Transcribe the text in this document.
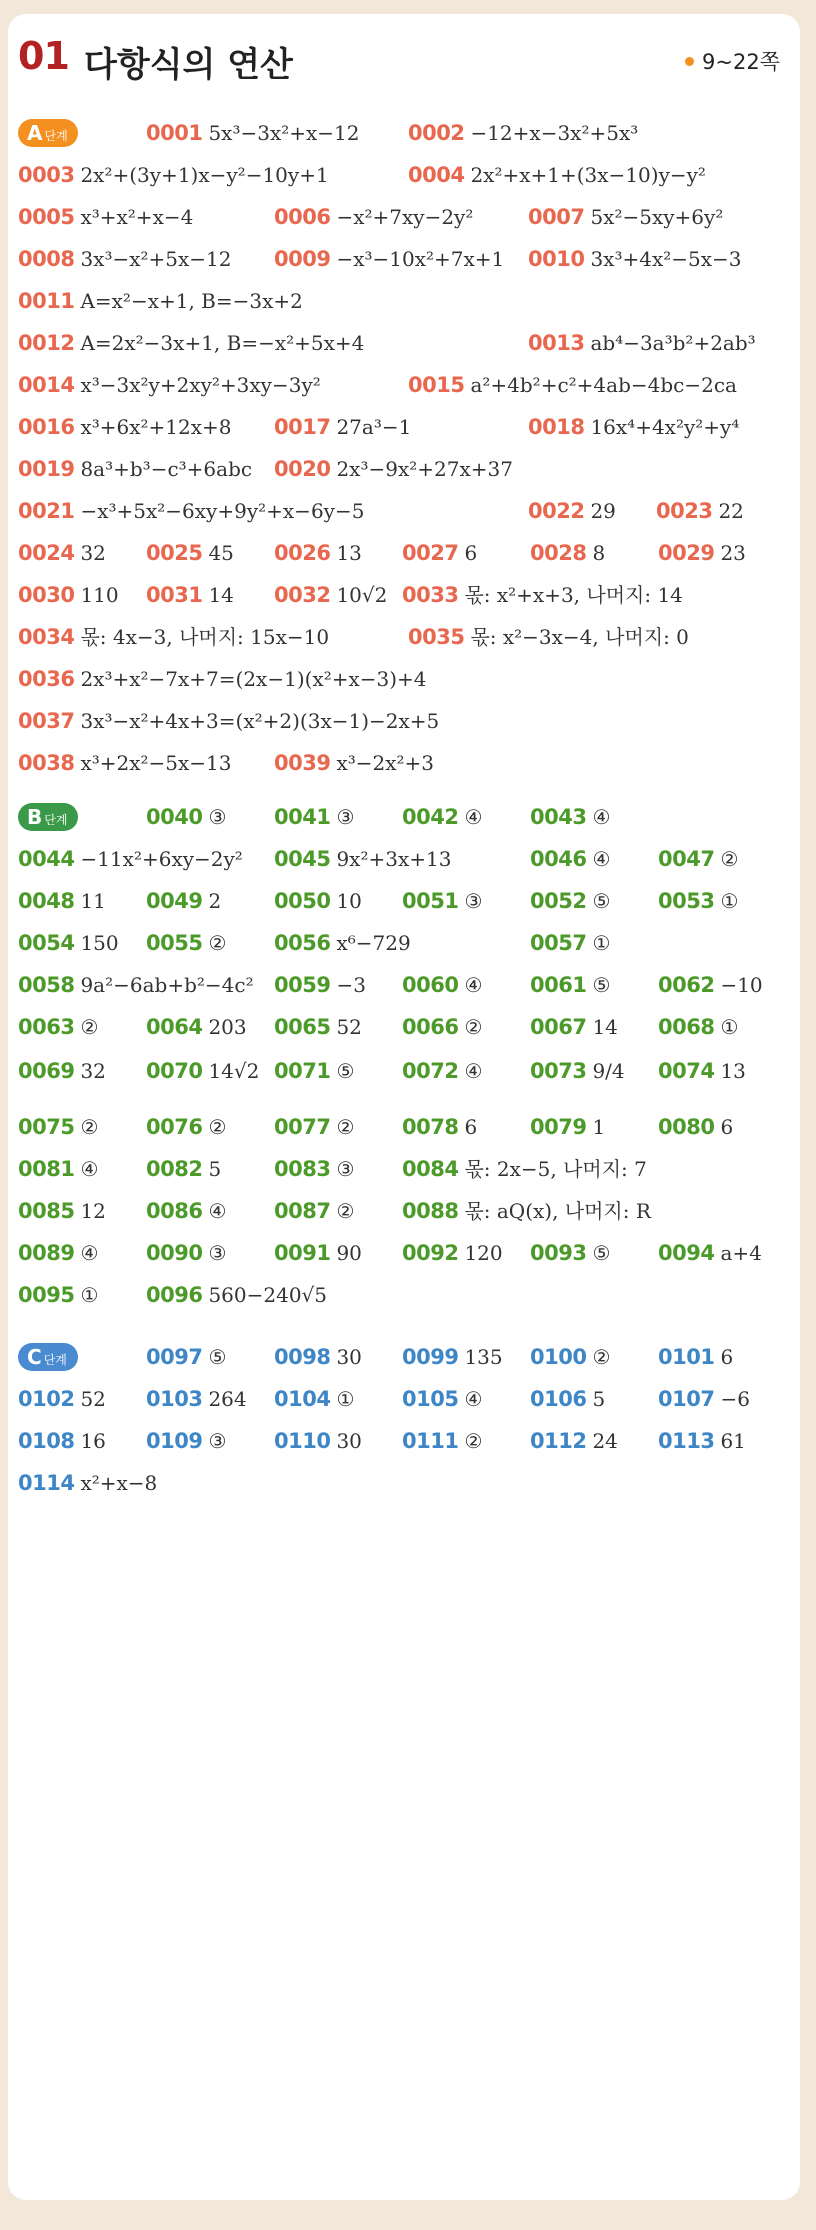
01 다항식의 연산	9~22쪽
A단계	0001 5x³−3x²+x−12 0002 −12+x−3x²+5x³
0003 2x²+(3y+1)x−y²−10y+1	0004 2x²+x+1+(3x−10)y−y²
0005 x³+x²+x−4	0006 −x²+7xy−2y²	0007 5x²−5xy+6y²
0008 3x³−x²+5x−12 0009 −x³−10x²+7x+1 0010 3x³+4x²−5x−3
0011 A=x²−x+1, B=−3x+2
0012 A=2x²−3x+1, B=−x²+5x+4	0013 ab⁴−3a³b²+2ab³
0014 x³−3x²y+2xy²+3xy−3y²	0015 a²+4b²+c²+4ab−4bc−2ca
0016 x³+6x²+12x+8 0017 27a³−1	0018 16x⁴+4x²y²+y⁴
0019 8a³+b³−c³+6abc 0020 2x³−9x²+27x+37
0021 −x³+5x²−6xy+9y²+x−6y−5	0022 29 0023 22
0024 32 0025 45 0026 13 0027 6	0028 8	0029 23
0030 110 0031 14 0032 10√2 0033 몫: x²+x+3, 나머지: 14
0034 몫: 4x−3, 나머지: 15x−10	0035 몫: x²−3x−4, 나머지: 0
0036 2x³+x²−7x+7=(2x−1)(x²+x−3)+4
0037 3x³−x²+4x+3=(x²+2)(3x−1)−2x+5
0038 x³+2x²−5x−13 0039 x³−2x²+3
B단계	0040 ③ 0041 ③ 0042 ④ 0043 ④
0044 −11x²+6xy−2y² 0045 9x²+3x+13	0046 ④ 0047 ②
0048 11 0049 2	0050 10 0051 ③ 0052 ⑤ 0053 ①
0054 150 0055 ② 0056 x⁶−729	0057 ①
0058 9a²−6ab+b²−4c² 0059 −3 0060 ④ 0061 ⑤ 0062 −10
0063 ② 0064 203 0065 52 0066 ② 0067 14 0068 ①
0069 32 0070 14√2 0071 ⑤ 0072 ④ 0073 9/4 0074 13
0075 ② 0076 ② 0077 ② 0078 6	0079 1	0080 6
0081 ④ 0082 5	0083 ③ 0084 몫: 2x−5, 나머지: 7
0085 12 0086 ④ 0087 ② 0088 몫: aQ(x), 나머지: R
0089 ④ 0090 ③ 0091 90 0092 120 0093 ⑤ 0094 a+4
0095 ① 0096 560−240√5
C단계	0097 ⑤ 0098 30 0099 135 0100 ② 0101 6
0102 52 0103 264 0104 ① 0105 ④ 0106 5	0107 −6
0108 16 0109 ③ 0110 30 0111 ② 0112 24 0113 61
0114 x²+x−8
